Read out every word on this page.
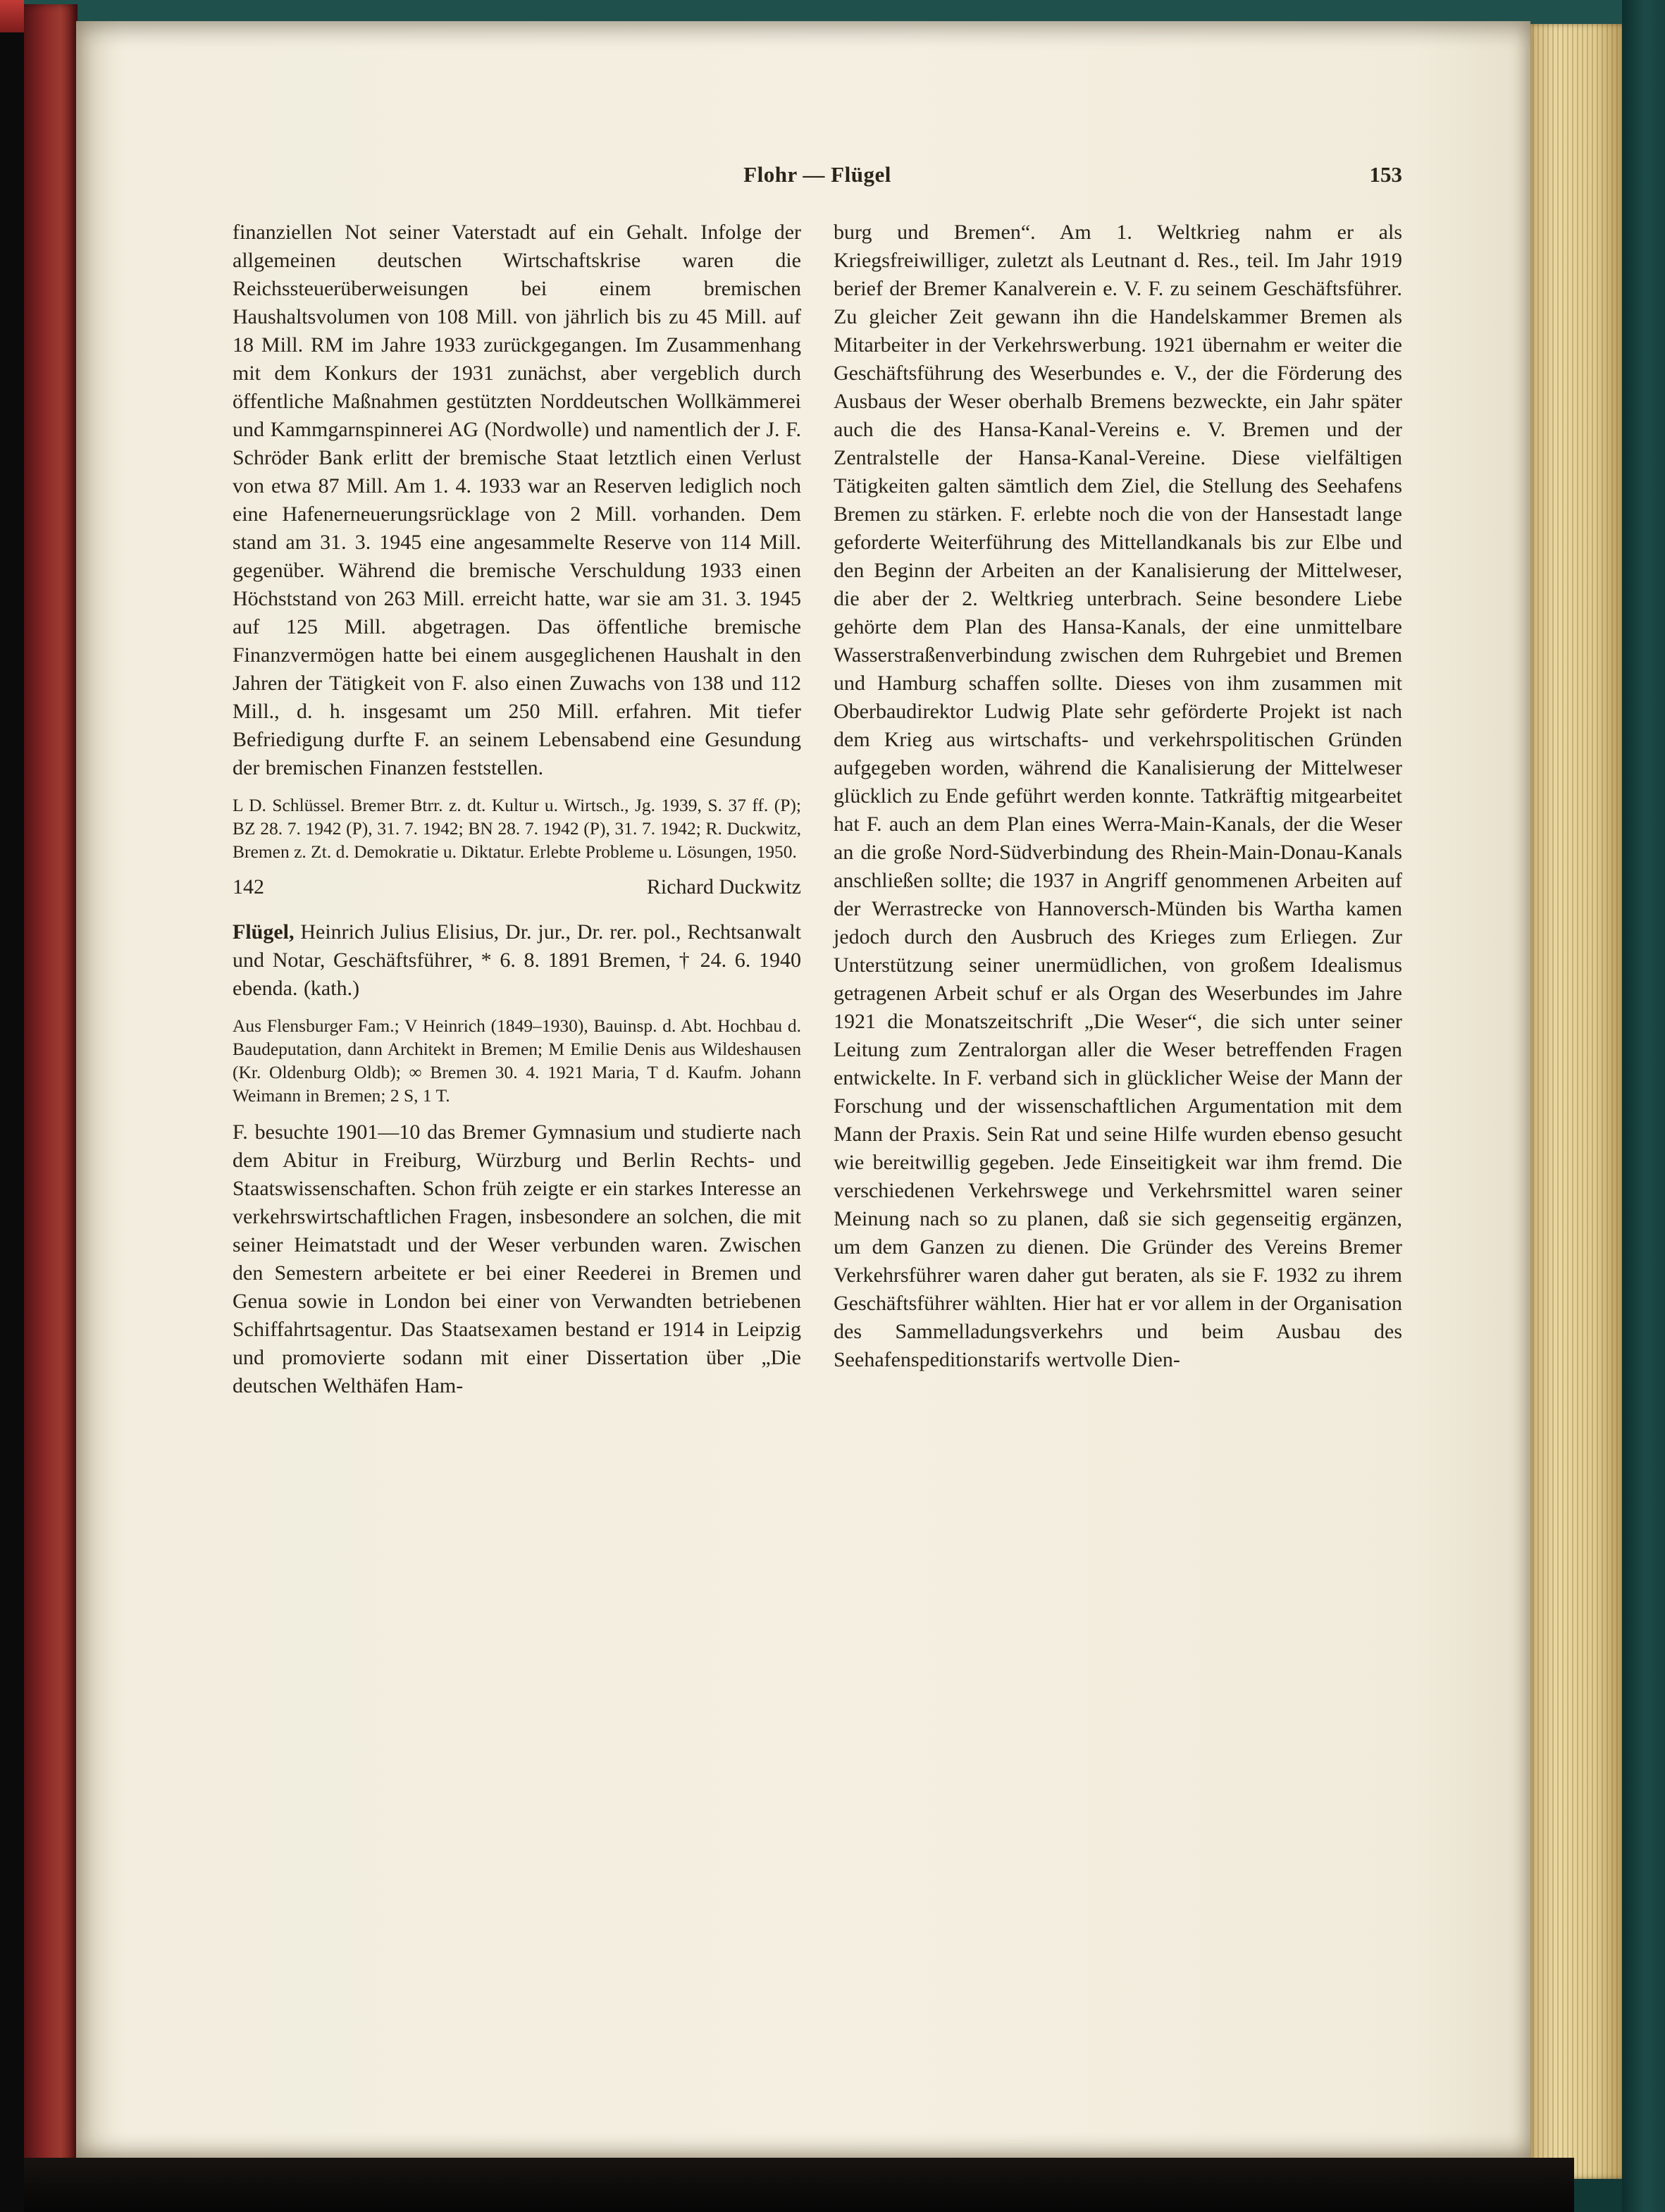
Flohr — Flügel	153

finanziellen Not seiner Vaterstadt auf ein Gehalt. Infolge der allgemeinen deutschen Wirtschaftskrise waren die Reichssteuerüberweisungen bei einem bremischen Haushaltsvolumen von 108 Mill. von jährlich bis zu 45 Mill. auf 18 Mill. RM im Jahre 1933 zurückgegangen. Im Zusammenhang mit dem Konkurs der 1931 zunächst, aber vergeblich durch öffentliche Maßnahmen gestützten Norddeutschen Wollkämmerei und Kammgarnspinnerei AG (Nordwolle) und namentlich der J. F. Schröder Bank erlitt der bremische Staat letztlich einen Verlust von etwa 87 Mill. Am 1. 4. 1933 war an Reserven lediglich noch eine Hafenerneuerungsrücklage von 2 Mill. vorhanden. Dem stand am 31. 3. 1945 eine angesammelte Reserve von 114 Mill. gegenüber. Während die bremische Verschuldung 1933 einen Höchststand von 263 Mill. erreicht hatte, war sie am 31. 3. 1945 auf 125 Mill. abgetragen. Das öffentliche bremische Finanzvermögen hatte bei einem ausgeglichenen Haushalt in den Jahren der Tätigkeit von F. also einen Zuwachs von 138 und 112 Mill., d. h. insgesamt um 250 Mill. erfahren. Mit tiefer Befriedigung durfte F. an seinem Lebensabend eine Gesundung der bremischen Finanzen feststellen.

L D. Schlüssel. Bremer Btrr. z. dt. Kultur u. Wirtsch., Jg. 1939, S. 37 ff. (P); BZ 28. 7. 1942 (P), 31. 7. 1942; BN 28. 7. 1942 (P), 31. 7. 1942; R. Duckwitz, Bremen z. Zt. d. Demokratie u. Diktatur. Erlebte Probleme u. Lösungen, 1950.

142	Richard Duckwitz

Flügel, Heinrich Julius Elisius, Dr. jur., Dr. rer. pol., Rechtsanwalt und Notar, Geschäftsführer, * 6. 8. 1891 Bremen, † 24. 6. 1940 ebenda. (kath.)

Aus Flensburger Fam.; V Heinrich (1849–1930), Bauinsp. d. Abt. Hochbau d. Baudeputation, dann Architekt in Bremen; M Emilie Denis aus Wildeshausen (Kr. Oldenburg Oldb); ∞ Bremen 30. 4. 1921 Maria, T d. Kaufm. Johann Weimann in Bremen; 2 S, 1 T.

F. besuchte 1901—10 das Bremer Gymnasium und studierte nach dem Abitur in Freiburg, Würzburg und Berlin Rechts- und Staatswissenschaften. Schon früh zeigte er ein starkes Interesse an verkehrswirtschaftlichen Fragen, insbesondere an solchen, die mit seiner Heimatstadt und der Weser verbunden waren. Zwischen den Semestern arbeitete er bei einer Reederei in Bremen und Genua sowie in London bei einer von Verwandten betriebenen Schiffahrtsagentur. Das Staatsexamen bestand er 1914 in Leipzig und promovierte sodann mit einer Dissertation über „Die deutschen Welthäfen Ham-

burg und Bremen“. Am 1. Weltkrieg nahm er als Kriegsfreiwilliger, zuletzt als Leutnant d. Res., teil. Im Jahr 1919 berief der Bremer Kanalverein e. V. F. zu seinem Geschäftsführer. Zu gleicher Zeit gewann ihn die Handelskammer Bremen als Mitarbeiter in der Verkehrswerbung. 1921 übernahm er weiter die Geschäftsführung des Weserbundes e. V., der die Förderung des Ausbaus der Weser oberhalb Bremens bezweckte, ein Jahr später auch die des Hansa-Kanal-Vereins e. V. Bremen und der Zentralstelle der Hansa-Kanal-Vereine. Diese vielfältigen Tätigkeiten galten sämtlich dem Ziel, die Stellung des Seehafens Bremen zu stärken. F. erlebte noch die von der Hansestadt lange geforderte Weiterführung des Mittellandkanals bis zur Elbe und den Beginn der Arbeiten an der Kanalisierung der Mittelweser, die aber der 2. Weltkrieg unterbrach. Seine besondere Liebe gehörte dem Plan des Hansa-Kanals, der eine unmittelbare Wasserstraßenverbindung zwischen dem Ruhrgebiet und Bremen und Hamburg schaffen sollte. Dieses von ihm zusammen mit Oberbaudirektor Ludwig Plate sehr geförderte Projekt ist nach dem Krieg aus wirtschafts- und verkehrspolitischen Gründen aufgegeben worden, während die Kanalisierung der Mittelweser glücklich zu Ende geführt werden konnte. Tatkräftig mitgearbeitet hat F. auch an dem Plan eines Werra-Main-Kanals, der die Weser an die große Nord-Südverbindung des Rhein-Main-Donau-Kanals anschließen sollte; die 1937 in Angriff genommenen Arbeiten auf der Werrastrecke von Hannoversch-Münden bis Wartha kamen jedoch durch den Ausbruch des Krieges zum Erliegen. Zur Unterstützung seiner unermüdlichen, von großem Idealismus getragenen Arbeit schuf er als Organ des Weserbundes im Jahre 1921 die Monatszeitschrift „Die Weser“, die sich unter seiner Leitung zum Zentralorgan aller die Weser betreffenden Fragen entwickelte. In F. verband sich in glücklicher Weise der Mann der Forschung und der wissenschaftlichen Argumentation mit dem Mann der Praxis. Sein Rat und seine Hilfe wurden ebenso gesucht wie bereitwillig gegeben. Jede Einseitigkeit war ihm fremd. Die verschiedenen Verkehrswege und Verkehrsmittel waren seiner Meinung nach so zu planen, daß sie sich gegenseitig ergänzen, um dem Ganzen zu dienen. Die Gründer des Vereins Bremer Verkehrsführer waren daher gut beraten, als sie F. 1932 zu ihrem Geschäftsführer wählten. Hier hat er vor allem in der Organisation des Sammelladungsverkehrs und beim Ausbau des Seehafenspeditionstarifs wertvolle Dien-
